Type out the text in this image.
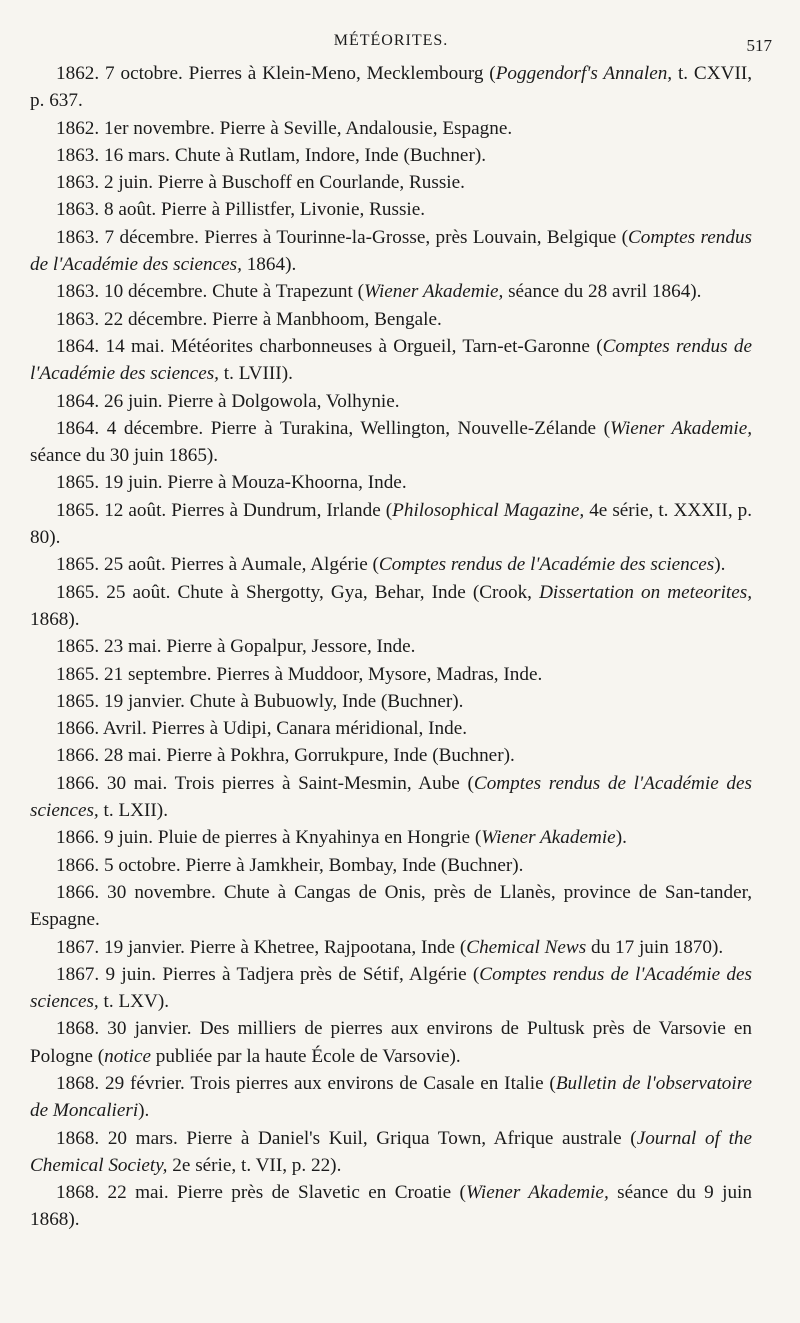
MÉTÉORITES.	517

1862. 7 octobre. Pierres à Klein-Meno, Mecklembourg (Poggendorf's Annalen, t. CXVII, p. 637.

1862. 1er novembre. Pierre à Seville, Andalousie, Espagne.

1863. 16 mars. Chute à Rutlam, Indore, Inde (Buchner).

1863. 2 juin. Pierre à Buschoff en Courlande, Russie.

1863. 8 août. Pierre à Pillistfer, Livonie, Russie.

1863. 7 décembre. Pierres à Tourinne-la-Grosse, près Louvain, Belgique (Comptes rendus de l'Académie des sciences, 1864).

1863. 10 décembre. Chute à Trapezunt (Wiener Akademie, séance du 28 avril 1864).

1863. 22 décembre. Pierre à Manbhoom, Bengale.

1864. 14 mai. Météorites charbonneuses à Orgueil, Tarn-et-Garonne (Comptes rendus de l'Académie des sciences, t. LVIII).

1864. 26 juin. Pierre à Dolgowola, Volhynie.

1864. 4 décembre. Pierre à Turakina, Wellington, Nouvelle-Zélande (Wiener Akademie, séance du 30 juin 1865).

1865. 19 juin. Pierre à Mouza-Khoorna, Inde.

1865. 12 août. Pierres à Dundrum, Irlande (Philosophical Magazine, 4e série, t. XXXII, p. 80).

1865. 25 août. Pierres à Aumale, Algérie (Comptes rendus de l'Académie des sciences).

1865. 25 août. Chute à Shergotty, Gya, Behar, Inde (Crook, Dissertation on meteorites, 1868).

1865. 23 mai. Pierre à Gopalpur, Jessore, Inde.

1865. 21 septembre. Pierres à Muddoor, Mysore, Madras, Inde.

1865. 19 janvier. Chute à Bubuowly, Inde (Buchner).

1866. Avril. Pierres à Udipi, Canara méridional, Inde.

1866. 28 mai. Pierre à Pokhra, Gorrukpure, Inde (Buchner).

1866. 30 mai. Trois pierres à Saint-Mesmin, Aube (Comptes rendus de l'Académie des sciences, t. LXII).

1866. 9 juin. Pluie de pierres à Knyahinya en Hongrie (Wiener Akademie).

1866. 5 octobre. Pierre à Jamkheir, Bombay, Inde (Buchner).

1866. 30 novembre. Chute à Cangas de Onis, près de Llanès, province de San-tander, Espagne.

1867. 19 janvier. Pierre à Khetree, Rajpootana, Inde (Chemical News du 17 juin 1870).

1867. 9 juin. Pierres à Tadjera près de Sétif, Algérie (Comptes rendus de l'Académie des sciences, t. LXV).

1868. 30 janvier. Des milliers de pierres aux environs de Pultusk près de Varsovie en Pologne (notice publiée par la haute École de Varsovie).

1868. 29 février. Trois pierres aux environs de Casale en Italie (Bulletin de l'observatoire de Moncalieri).

1868. 20 mars. Pierre à Daniel's Kuil, Griqua Town, Afrique australe (Journal of the Chemical Society, 2e série, t. VII, p. 22).

1868. 22 mai. Pierre près de Slavetic en Croatie (Wiener Akademie, séance du 9 juin 1868).
